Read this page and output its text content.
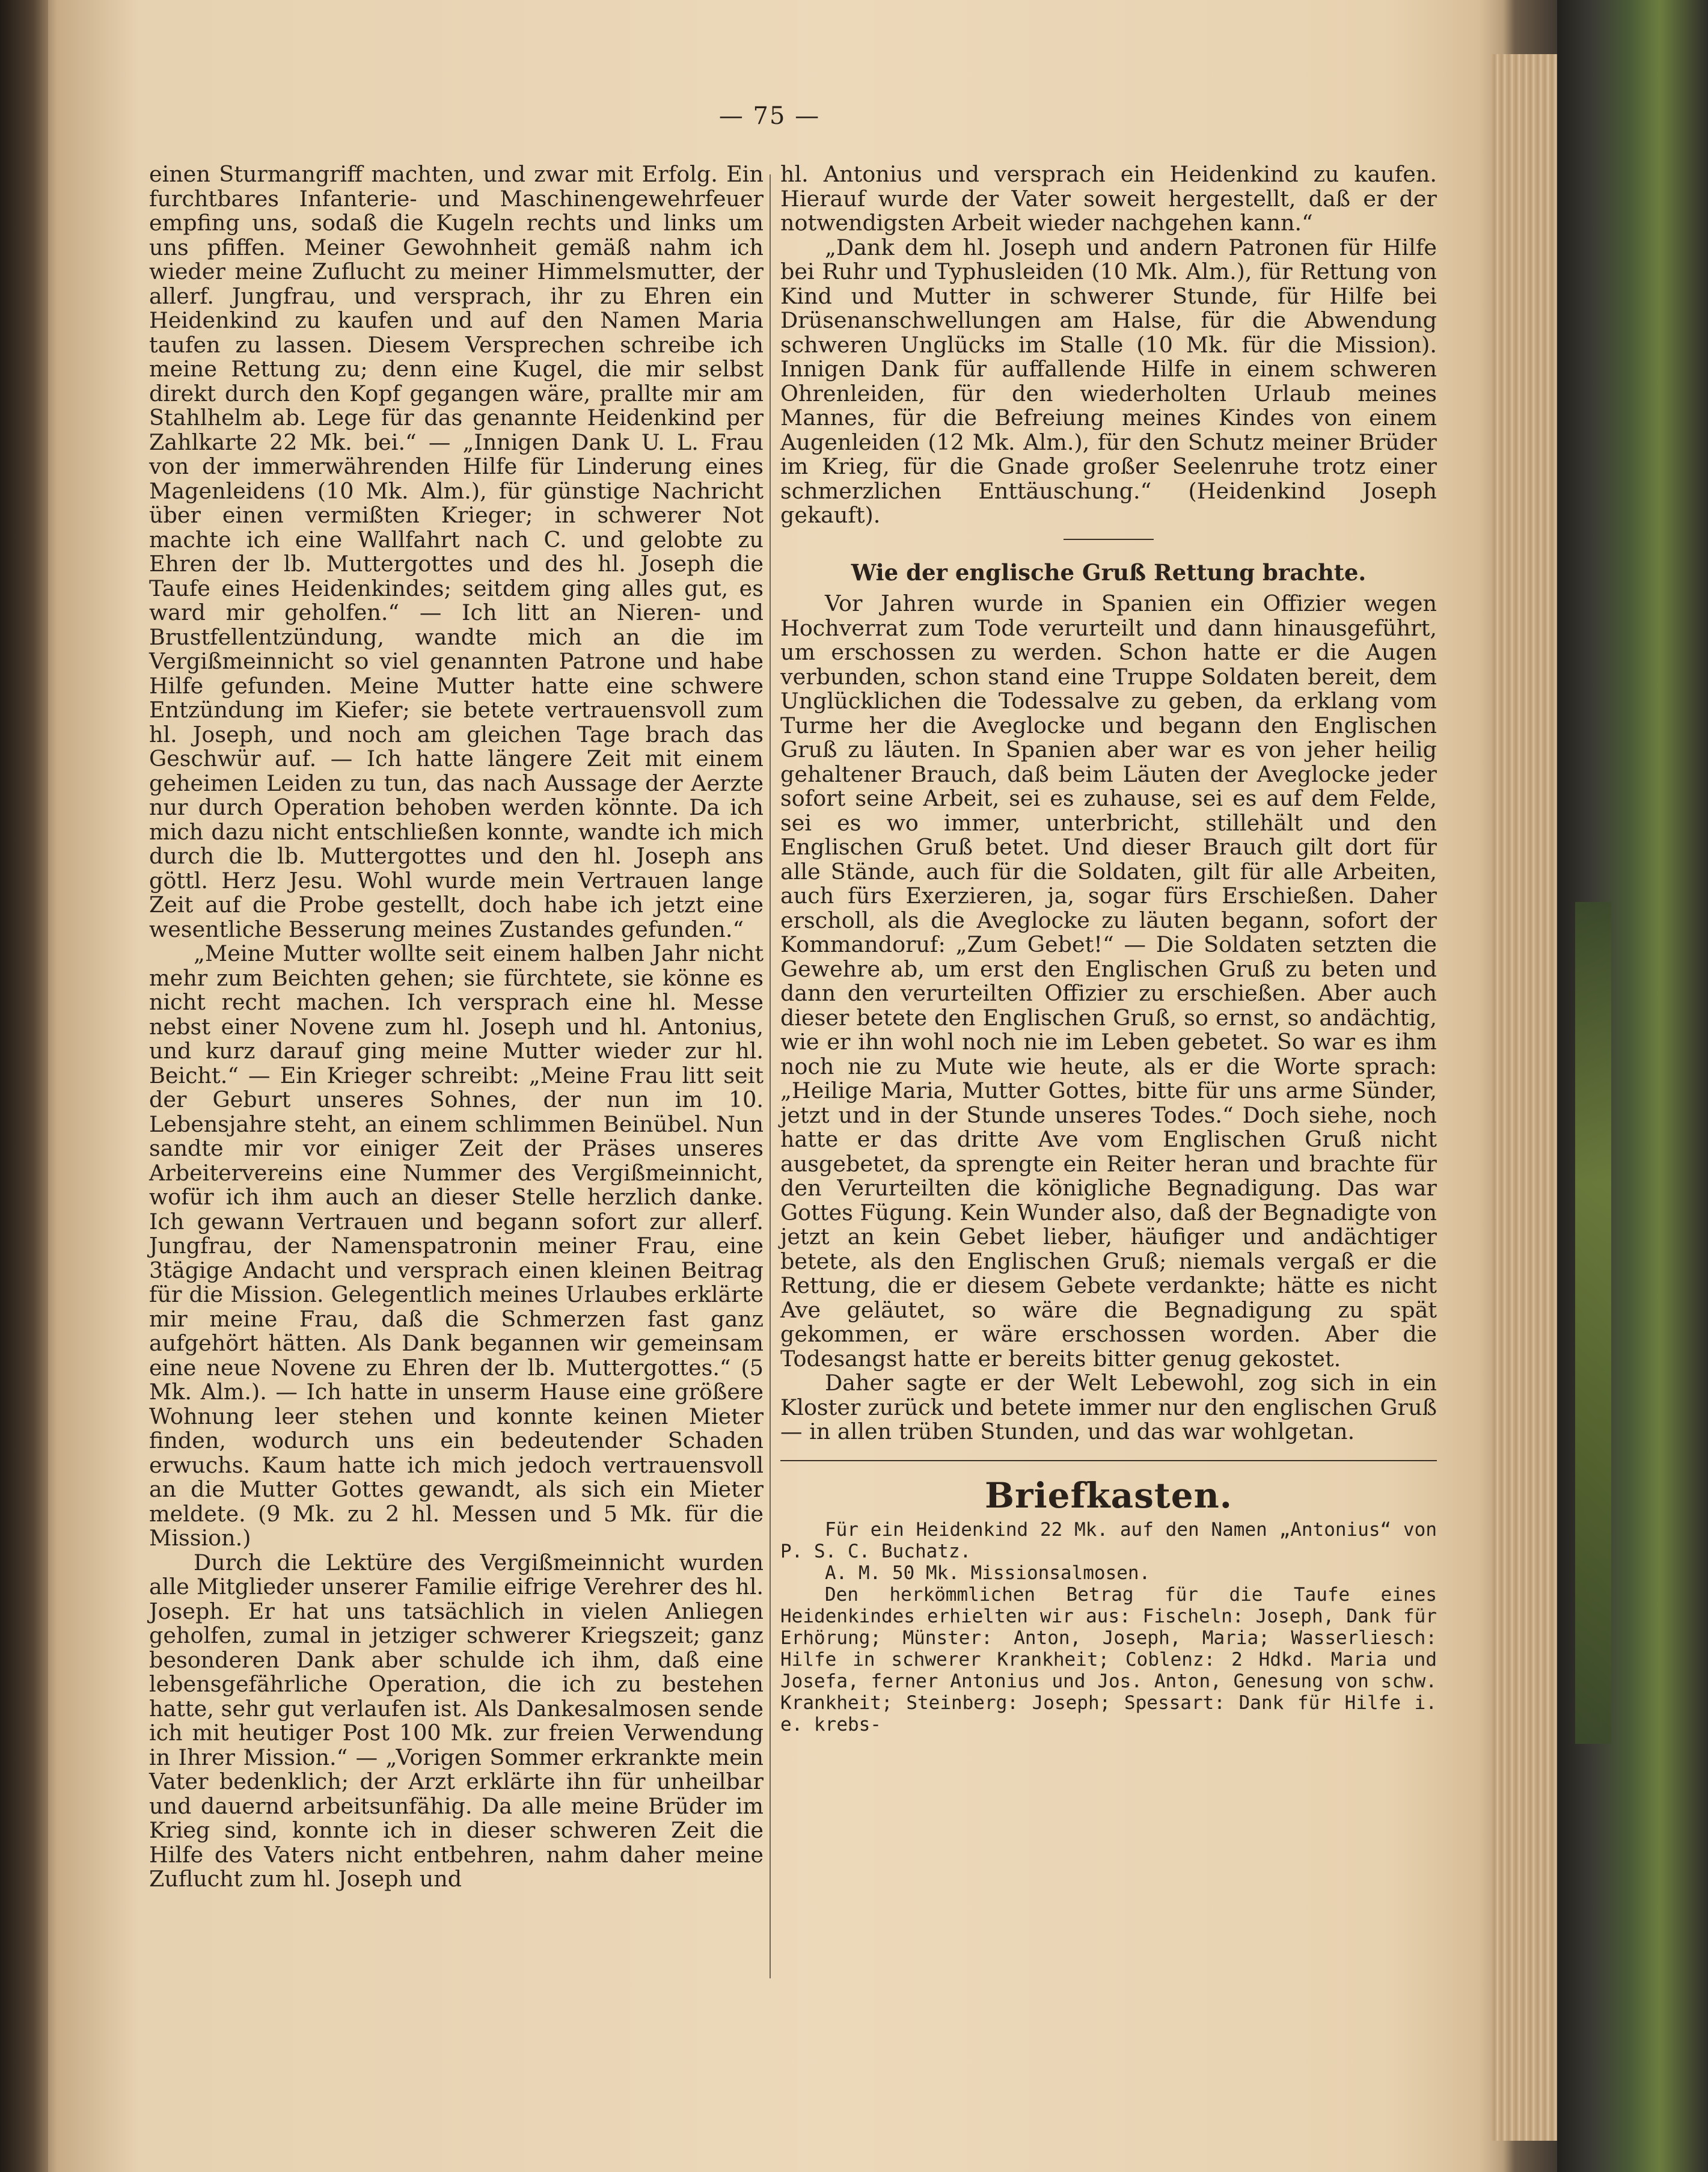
— 75 —

einen Sturmangriff machten, und zwar mit Erfolg. Ein furchtbares Infanterie- und Maschinengewehrfeuer empfing uns, sodaß die Kugeln rechts und links um uns pfiffen. Meiner Gewohnheit gemäß nahm ich wieder meine Zuflucht zu meiner Himmelsmutter, der allerf. Jungfrau, und versprach, ihr zu Ehren ein Heidenkind zu kaufen und auf den Namen Maria taufen zu lassen. Diesem Versprechen schreibe ich meine Rettung zu; denn eine Kugel, die mir selbst direkt durch den Kopf gegangen wäre, prallte mir am Stahlhelm ab. Lege für das genannte Heidenkind per Zahlkarte 22 Mk. bei.“ — „Innigen Dank U. L. Frau von der immerwährenden Hilfe für Linderung eines Magenleidens (10 Mk. Alm.), für günstige Nachricht über einen vermißten Krieger; in schwerer Not machte ich eine Wallfahrt nach C. und gelobte zu Ehren der lb. Muttergottes und des hl. Joseph die Taufe eines Heidenkindes; seitdem ging alles gut, es ward mir geholfen.“ — Ich litt an Nieren- und Brustfellentzündung, wandte mich an die im Vergißmeinnicht so viel genannten Patrone und habe Hilfe gefunden. Meine Mutter hatte eine schwere Entzündung im Kiefer; sie betete vertrauensvoll zum hl. Joseph, und noch am gleichen Tage brach das Geschwür auf. — Ich hatte längere Zeit mit einem geheimen Leiden zu tun, das nach Aussage der Aerzte nur durch Operation behoben werden könnte. Da ich mich dazu nicht entschließen konnte, wandte ich mich durch die lb. Muttergottes und den hl. Joseph ans göttl. Herz Jesu. Wohl wurde mein Vertrauen lange Zeit auf die Probe gestellt, doch habe ich jetzt eine wesentliche Besserung meines Zustandes gefunden.“

„Meine Mutter wollte seit einem halben Jahr nicht mehr zum Beichten gehen; sie fürchtete, sie könne es nicht recht machen. Ich versprach eine hl. Messe nebst einer Novene zum hl. Joseph und hl. Antonius, und kurz darauf ging meine Mutter wieder zur hl. Beicht.“ — Ein Krieger schreibt: „Meine Frau litt seit der Geburt unseres Sohnes, der nun im 10. Lebensjahre steht, an einem schlimmen Beinübel. Nun sandte mir vor einiger Zeit der Präses unseres Arbeitervereins eine Nummer des Vergißmeinnicht, wofür ich ihm auch an dieser Stelle herzlich danke. Ich gewann Vertrauen und begann sofort zur allerf. Jungfrau, der Namenspatronin meiner Frau, eine 3tägige Andacht und versprach einen kleinen Beitrag für die Mission. Gelegentlich meines Urlaubes erklärte mir meine Frau, daß die Schmerzen fast ganz aufgehört hätten. Als Dank begannen wir gemeinsam eine neue Novene zu Ehren der lb. Muttergottes.“ (5 Mk. Alm.). — Ich hatte in unserm Hause eine größere Wohnung leer stehen und konnte keinen Mieter finden, wodurch uns ein bedeutender Schaden erwuchs. Kaum hatte ich mich jedoch vertrauensvoll an die Mutter Gottes gewandt, als sich ein Mieter meldete. (9 Mk. zu 2 hl. Messen und 5 Mk. für die Mission.)

Durch die Lektüre des Vergißmeinnicht wurden alle Mitglieder unserer Familie eifrige Verehrer des hl. Joseph. Er hat uns tatsächlich in vielen Anliegen geholfen, zumal in jetziger schwerer Kriegszeit; ganz besonderen Dank aber schulde ich ihm, daß eine lebensgefährliche Operation, die ich zu bestehen hatte, sehr gut verlaufen ist. Als Dankesalmosen sende ich mit heutiger Post 100 Mk. zur freien Verwendung in Ihrer Mission.“ — „Vorigen Sommer erkrankte mein Vater bedenklich; der Arzt erklärte ihn für unheilbar und dauernd arbeitsunfähig. Da alle meine Brüder im Krieg sind, konnte ich in dieser schweren Zeit die Hilfe des Vaters nicht entbehren, nahm daher meine Zuflucht zum hl. Joseph und

hl. Antonius und versprach ein Heidenkind zu kaufen. Hierauf wurde der Vater soweit hergestellt, daß er der notwendigsten Arbeit wieder nachgehen kann.“

„Dank dem hl. Joseph und andern Patronen für Hilfe bei Ruhr und Typhusleiden (10 Mk. Alm.), für Rettung von Kind und Mutter in schwerer Stunde, für Hilfe bei Drüsenanschwellungen am Halse, für die Abwendung schweren Unglücks im Stalle (10 Mk. für die Mission). Innigen Dank für auffallende Hilfe in einem schweren Ohrenleiden, für den wiederholten Urlaub meines Mannes, für die Befreiung meines Kindes von einem Augenleiden (12 Mk. Alm.), für den Schutz meiner Brüder im Krieg, für die Gnade großer Seelenruhe trotz einer schmerzlichen Enttäuschung.“ (Heidenkind Joseph gekauft).

Wie der englische Gruß Rettung brachte.

Vor Jahren wurde in Spanien ein Offizier wegen Hochverrat zum Tode verurteilt und dann hinausgeführt, um erschossen zu werden. Schon hatte er die Augen verbunden, schon stand eine Truppe Soldaten bereit, dem Unglücklichen die Todessalve zu geben, da erklang vom Turme her die Aveglocke und begann den Englischen Gruß zu läuten. In Spanien aber war es von jeher heilig gehaltener Brauch, daß beim Läuten der Aveglocke jeder sofort seine Arbeit, sei es zuhause, sei es auf dem Felde, sei es wo immer, unterbricht, stillehält und den Englischen Gruß betet. Und dieser Brauch gilt dort für alle Stände, auch für die Soldaten, gilt für alle Arbeiten, auch fürs Exerzieren, ja, sogar fürs Erschießen. Daher erscholl, als die Aveglocke zu läuten begann, sofort der Kommandoruf: „Zum Gebet!“ — Die Soldaten setzten die Gewehre ab, um erst den Englischen Gruß zu beten und dann den verurteilten Offizier zu erschießen. Aber auch dieser betete den Englischen Gruß, so ernst, so andächtig, wie er ihn wohl noch nie im Leben gebetet. So war es ihm noch nie zu Mute wie heute, als er die Worte sprach: „Heilige Maria, Mutter Gottes, bitte für uns arme Sünder, jetzt und in der Stunde unseres Todes.“ Doch siehe, noch hatte er das dritte Ave vom Englischen Gruß nicht ausgebetet, da sprengte ein Reiter heran und brachte für den Verurteilten die königliche Begnadigung. Das war Gottes Fügung. Kein Wunder also, daß der Begnadigte von jetzt an kein Gebet lieber, häufiger und andächtiger betete, als den Englischen Gruß; niemals vergaß er die Rettung, die er diesem Gebete verdankte; hätte es nicht Ave geläutet, so wäre die Begnadigung zu spät gekommen, er wäre erschossen worden. Aber die Todesangst hatte er bereits bitter genug gekostet.

Daher sagte er der Welt Lebewohl, zog sich in ein Kloster zurück und betete immer nur den englischen Gruß — in allen trüben Stunden, und das war wohlgetan.

Briefkasten.

Für ein Heidenkind 22 Mk. auf den Namen „Antonius“ von P. S. C. Buchatz.

A. M. 50 Mk. Missionsalmosen.

Den herkömmlichen Betrag für die Taufe eines Heidenkindes erhielten wir aus: Fischeln: Joseph, Dank für Erhörung; Münster: Anton, Joseph, Maria; Wasserliesch: Hilfe in schwerer Krankheit; Coblenz: 2 Hdkd. Maria und Josefa, ferner Antonius und Jos. Anton, Genesung von schw. Krankheit; Steinberg: Joseph; Spessart: Dank für Hilfe i. e. krebs-
